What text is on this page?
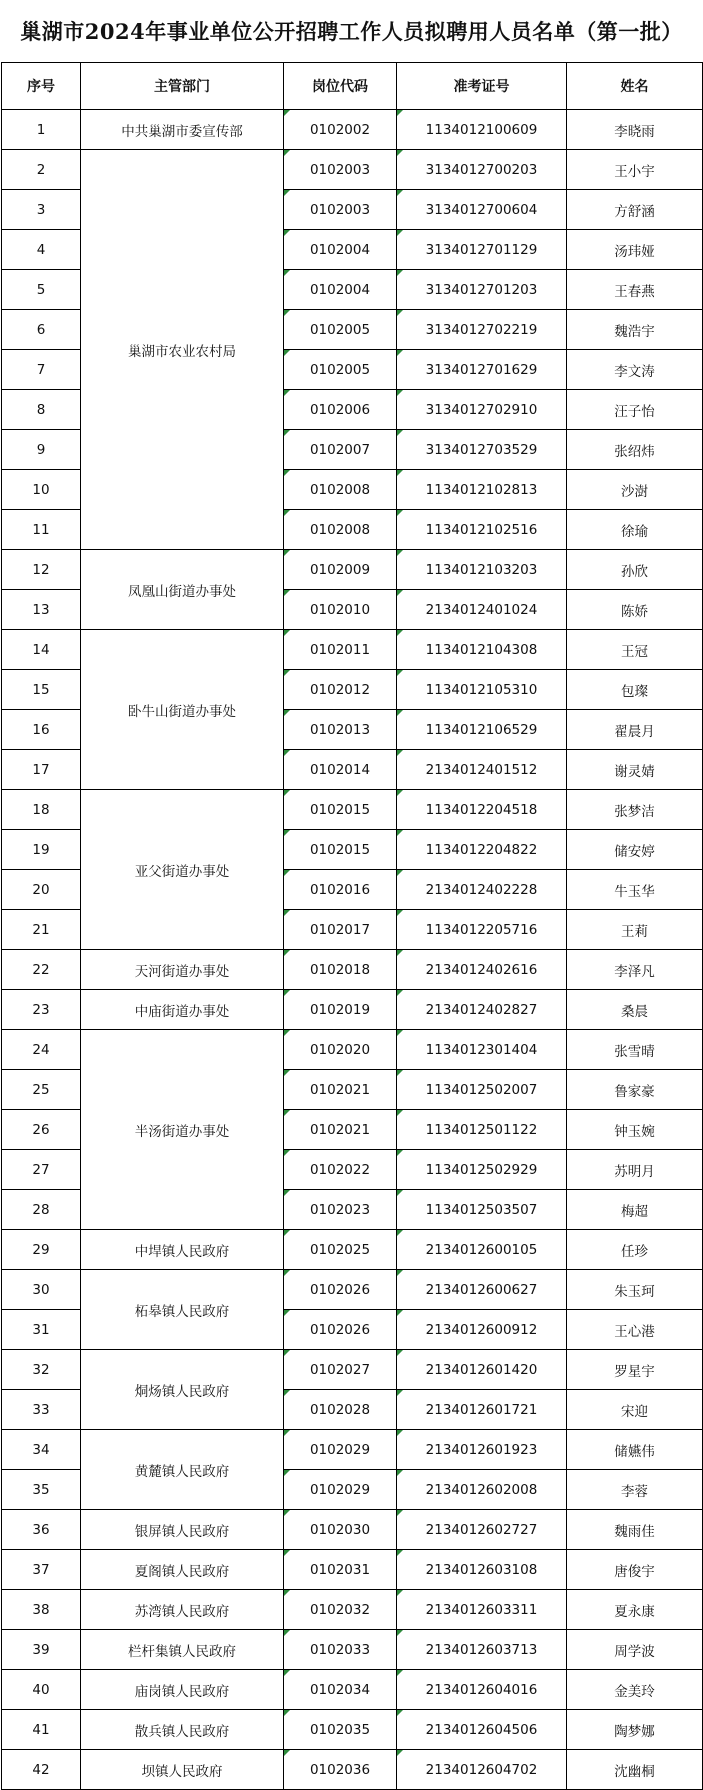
巢湖市2024年事业单位公开招聘工作人员拟聘用人员名单（第一批）
序号	主管部门	岗位代码	准考证号	姓名
1	中共巢湖市委宣传部	0102002	1134012100609	李晓雨
2	巢湖市农业农村局	0102003	3134012700203	王小宇
3		0102003	3134012700604	方舒涵
4		0102004	3134012701129	汤玮娅
5		0102004	3134012701203	王春燕
6		0102005	3134012702219	魏浩宇
7		0102005	3134012701629	李文涛
8		0102006	3134012702910	汪子怡
9		0102007	3134012703529	张绍炜
10		0102008	1134012102813	沙澍
11		0102008	1134012102516	徐瑜
12	凤凰山街道办事处	0102009	1134012103203	孙欣
13		0102010	2134012401024	陈娇
14	卧牛山街道办事处	0102011	1134012104308	王冠
15		0102012	1134012105310	包璨
16		0102013	1134012106529	翟晨月
17		0102014	2134012401512	谢灵婧
18	亚父街道办事处	0102015	1134012204518	张梦洁
19		0102015	1134012204822	储安婷
20		0102016	2134012402228	牛玉华
21		0102017	1134012205716	王莉
22	天河街道办事处	0102018	2134012402616	李泽凡
23	中庙街道办事处	0102019	2134012402827	桑晨
24	半汤街道办事处	0102020	1134012301404	张雪晴
25		0102021	1134012502007	鲁家豪
26		0102021	1134012501122	钟玉婉
27		0102022	1134012502929	苏明月
28		0102023	1134012503507	梅超
29	中垾镇人民政府	0102025	2134012600105	任珍
30	柘皋镇人民政府	0102026	2134012600627	朱玉珂
31		0102026	2134012600912	王心港
32	烔炀镇人民政府	0102027	2134012601420	罗星宇
33		0102028	2134012601721	宋迎
34	黄麓镇人民政府	0102029	2134012601923	储嬿伟
35		0102029	2134012602008	李蓉
36	银屏镇人民政府	0102030	2134012602727	魏雨佳
37	夏阁镇人民政府	0102031	2134012603108	唐俊宇
38	苏湾镇人民政府	0102032	2134012603311	夏永康
39	栏杆集镇人民政府	0102033	2134012603713	周学波
40	庙岗镇人民政府	0102034	2134012604016	金美玲
41	散兵镇人民政府	0102035	2134012604506	陶梦娜
42	坝镇人民政府	0102036	2134012604702	沈幽桐
